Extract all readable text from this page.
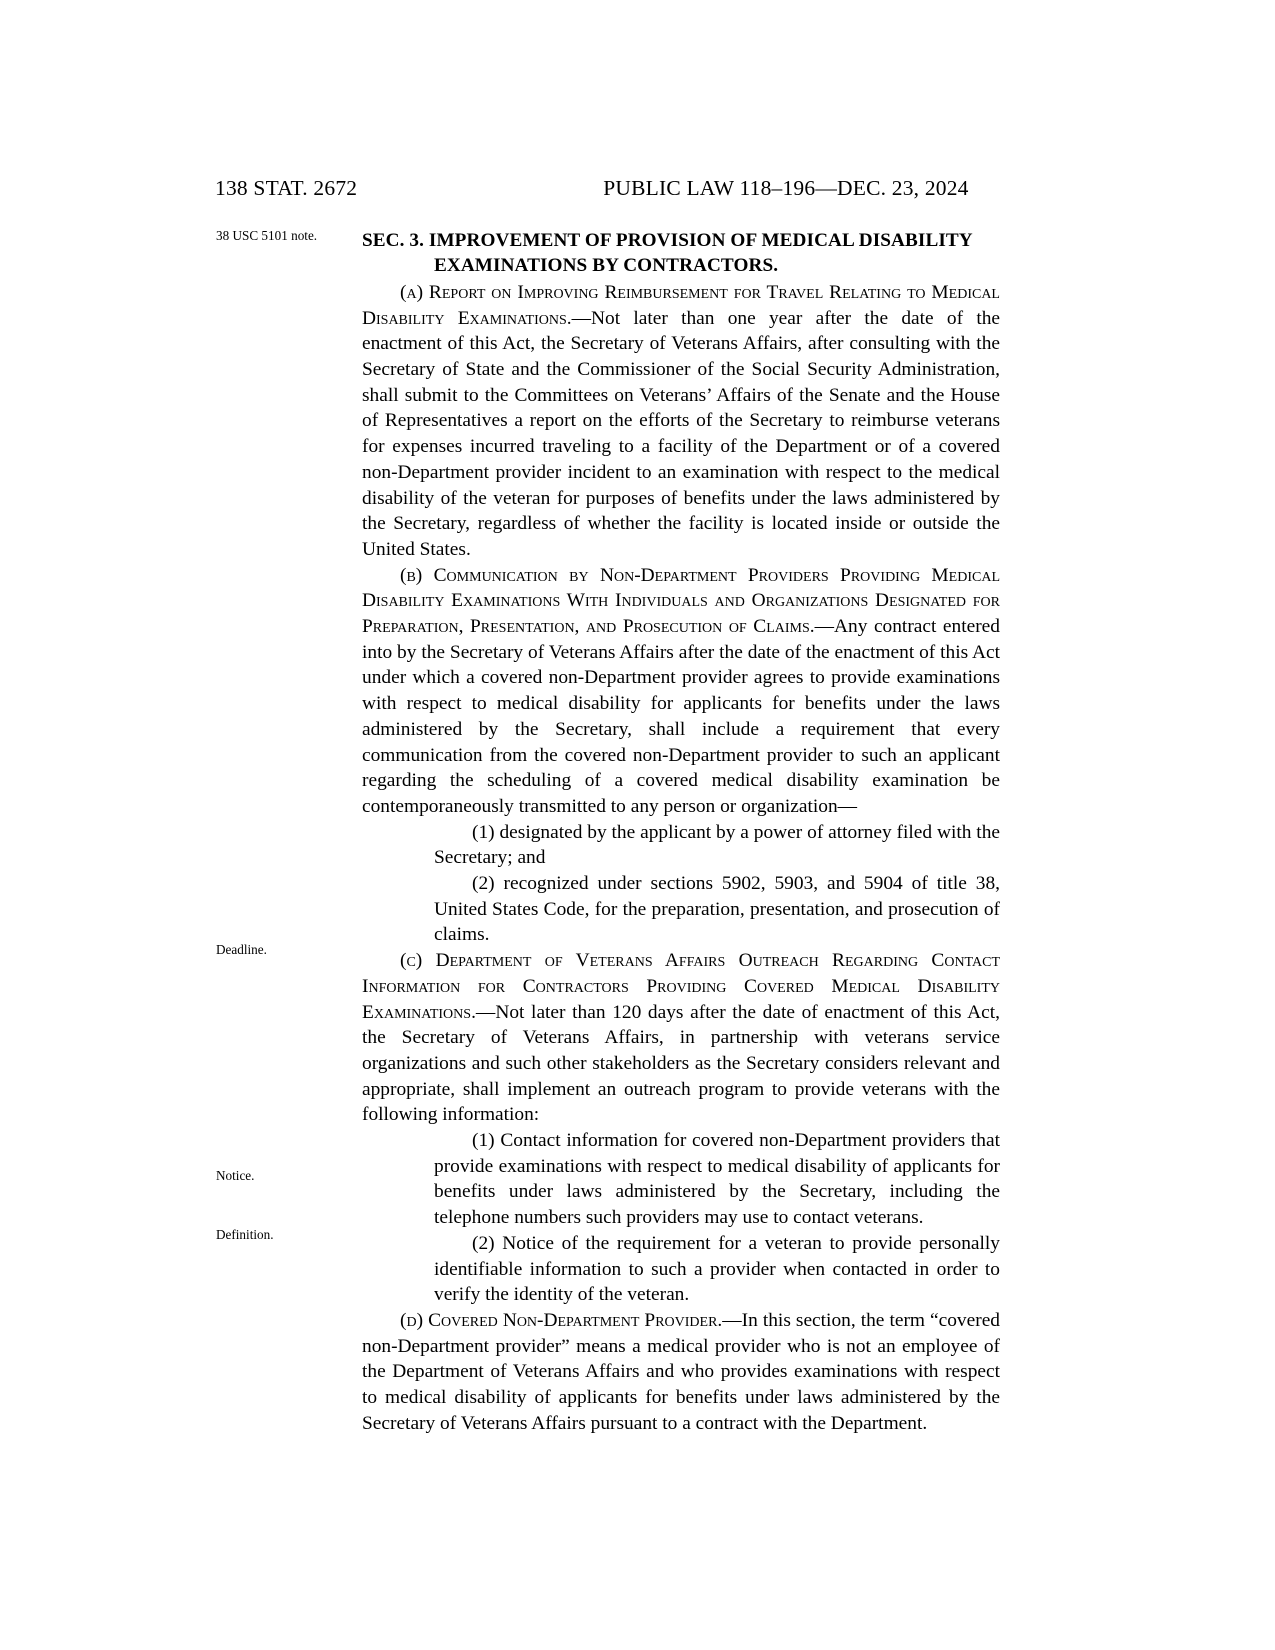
138 STAT. 2672	PUBLIC LAW 118–196—DEC. 23, 2024
38 USC 5101 note.
Deadline.
Notice.
Definition.
SEC. 3. IMPROVEMENT OF PROVISION OF MEDICAL DISABILITY
EXAMINATIONS BY CONTRACTORS.

(a) Report on Improving Reimbursement for Travel Relating to Medical Disability Examinations.—Not later than one year after the date of the enactment of this Act, the Secretary of Veterans Affairs, after consulting with the Secretary of State and the Commissioner of the Social Security Administration, shall submit to the Committees on Veterans’ Affairs of the Senate and the House of Representatives a report on the efforts of the Secretary to reimburse veterans for expenses incurred traveling to a facility of the Department or of a covered non-Department provider incident to an examination with respect to the medical disability of the veteran for purposes of benefits under the laws administered by the Secretary, regardless of whether the facility is located inside or outside the United States.

(b) Communication by Non-Department Providers Providing Medical Disability Examinations With Individuals and Organizations Designated for Preparation, Presentation, and Prosecution of Claims.—Any contract entered into by the Secretary of Veterans Affairs after the date of the enactment of this Act under which a covered non-Department provider agrees to provide examinations with respect to medical disability for applicants for benefits under the laws administered by the Secretary, shall include a requirement that every communication from the covered non-Department provider to such an applicant regarding the scheduling of a covered medical disability examination be contemporaneously transmitted to any person or organization—

(1) designated by the applicant by a power of attorney filed with the Secretary; and

(2) recognized under sections 5902, 5903, and 5904 of title 38, United States Code, for the preparation, presentation, and prosecution of claims.

(c) Department of Veterans Affairs Outreach Regarding Contact Information for Contractors Providing Covered Medical Disability Examinations.—Not later than 120 days after the date of enactment of this Act, the Secretary of Veterans Affairs, in partnership with veterans service organizations and such other stakeholders as the Secretary considers relevant and appropriate, shall implement an outreach program to provide veterans with the following information:

(1) Contact information for covered non-Department providers that provide examinations with respect to medical disability of applicants for benefits under laws administered by the Secretary, including the telephone numbers such providers may use to contact veterans.

(2) Notice of the requirement for a veteran to provide personally identifiable information to such a provider when contacted in order to verify the identity of the veteran.

(d) Covered Non-Department Provider.—In this section, the term “covered non-Department provider” means a medical provider who is not an employee of the Department of Veterans Affairs and who provides examinations with respect to medical disability of applicants for benefits under laws administered by the Secretary of Veterans Affairs pursuant to a contract with the Department.
